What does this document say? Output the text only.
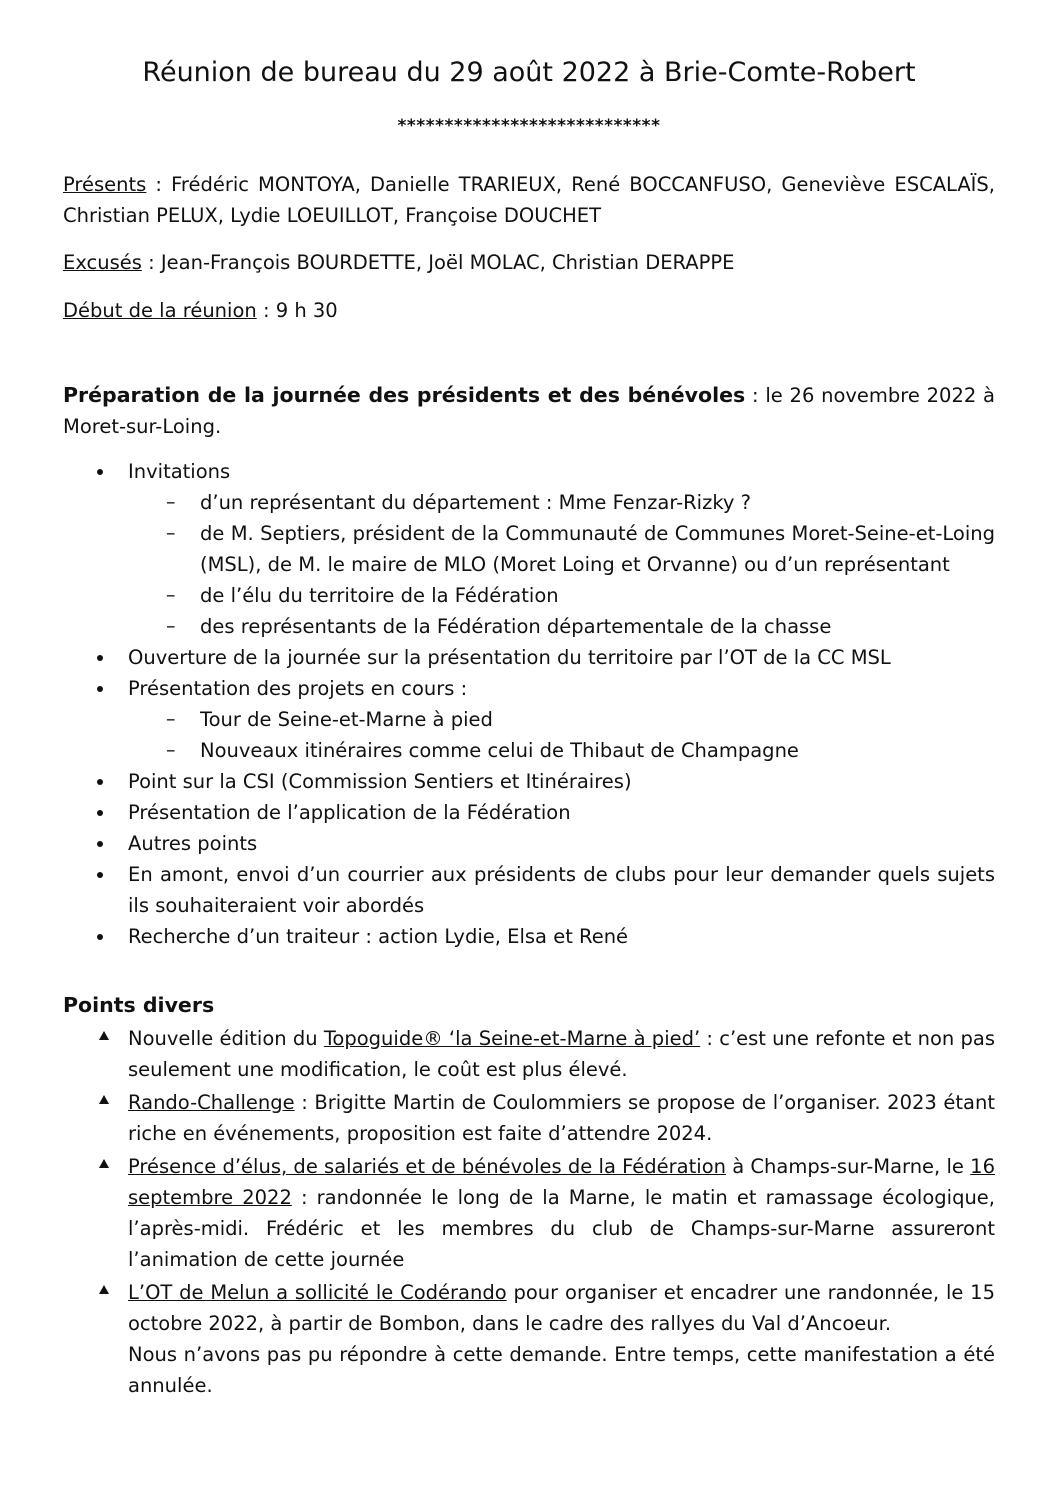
Réunion de bureau du 29 août 2022 à Brie-Comte-Robert
****************************
Présents : Frédéric MONTOYA, Danielle TRARIEUX, René BOCCANFUSO, Geneviève ESCALAÏS, Christian PELUX, Lydie LOEUILLOT, Françoise DOUCHET
Excusés : Jean-François BOURDETTE, Joël MOLAC, Christian DERAPPE
Début de la réunion : 9 h 30
Préparation de la journée des présidents et des bénévoles : le 26 novembre 2022 à Moret-sur-Loing.
Invitations
– d’un représentant du département : Mme Fenzar-Rizky ?
– de M. Septiers, président de la Communauté de Communes Moret-Seine-et-Loing (MSL), de M. le maire de MLO (Moret Loing et Orvanne) ou d’un représentant
– de l’élu du territoire de la Fédération
– des représentants de la Fédération départementale de la chasse
Ouverture de la journée sur la présentation du territoire par l’OT de la CC MSL
Présentation des projets en cours :
– Tour de Seine-et-Marne à pied
– Nouveaux itinéraires comme celui de Thibaut de Champagne
Point sur la CSI (Commission Sentiers et Itinéraires)
Présentation de l’application de la Fédération
Autres points
En amont, envoi d’un courrier aux présidents de clubs pour leur demander quels sujets ils souhaiteraient voir abordés
Recherche d’un traiteur : action Lydie, Elsa et René
Points divers
Nouvelle édition du Topoguide® ‘la Seine-et-Marne à pied’ : c’est une refonte et non pas seulement une modification, le coût est plus élevé.
Rando-Challenge : Brigitte Martin de Coulommiers se propose de l’organiser. 2023 étant riche en événements, proposition est faite d’attendre 2024.
Présence d’élus, de salariés et de bénévoles de la Fédération à Champs-sur-Marne, le 16 septembre 2022 : randonnée le long de la Marne, le matin et ramassage écologique, l’après-midi. Frédéric et les membres du club de Champs-sur-Marne assureront l’animation de cette journée
L’OT de Melun a sollicité le Codérando pour organiser et encadrer une randonnée, le 15 octobre 2022, à partir de Bombon, dans le cadre des rallyes du Val d’Ancoeur.
Nous n’avons pas pu répondre à cette demande. Entre temps, cette manifestation a été annulée.
